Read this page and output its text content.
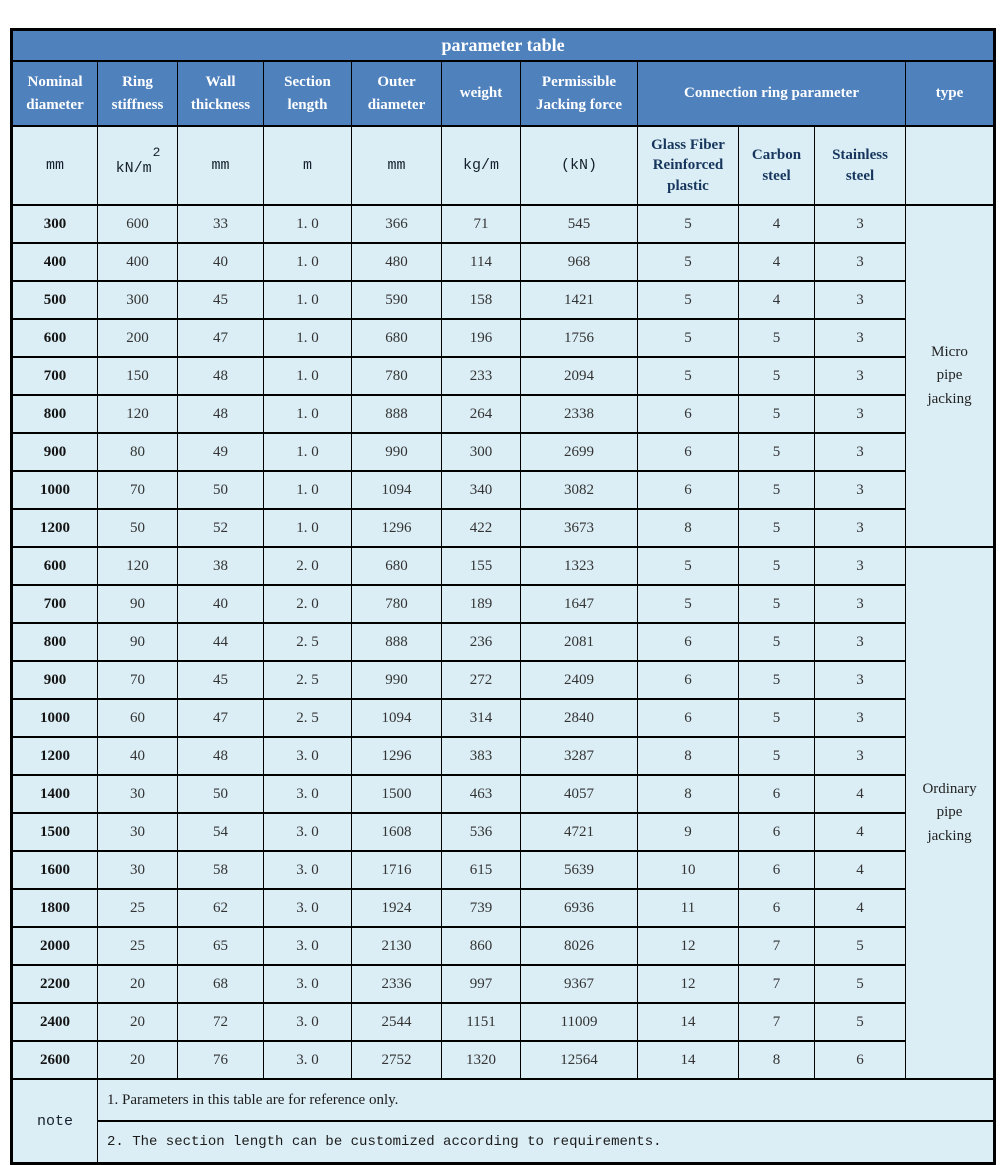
parameter table										
Nominal diameter	Ring stiffness	Wall thickness	Section length	Outer diameter	weight	Permissible Jacking force	Connection ring parameter			type
mm	$kN/m^2$	mm	m	mm	kg/m	(kN)	Glass Fiber Reinforced plastic	Carbon steel	Stainless steel	
300	600	33	1. 0	366	71	545	5	4	3	Micro
pipe
jacking
400	400	40	1. 0	480	114	968	5	4	3	
500	300	45	1. 0	590	158	1421	5	4	3	
600	200	47	1. 0	680	196	1756	5	5	3	
700	150	48	1. 0	780	233	2094	5	5	3	
800	120	48	1. 0	888	264	2338	6	5	3	
900	80	49	1. 0	990	300	2699	6	5	3	
1000	70	50	1. 0	1094	340	3082	6	5	3	
1200	50	52	1. 0	1296	422	3673	8	5	3	
600	120	38	2. 0	680	155	1323	5	5	3	Ordinary
pipe
jacking
700	90	40	2. 0	780	189	1647	5	5	3	
800	90	44	2. 5	888	236	2081	6	5	3	
900	70	45	2. 5	990	272	2409	6	5	3	
1000	60	47	2. 5	1094	314	2840	6	5	3	
1200	40	48	3. 0	1296	383	3287	8	5	3	
1400	30	50	3. 0	1500	463	4057	8	6	4	
1500	30	54	3. 0	1608	536	4721	9	6	4	
1600	30	58	3. 0	1716	615	5639	10	6	4	
1800	25	62	3. 0	1924	739	6936	11	6	4	
2000	25	65	3. 0	2130	860	8026	12	7	5	
2200	20	68	3. 0	2336	997	9367	12	7	5	
2400	20	72	3. 0	2544	1151	11009	14	7	5	
2600	20	76	3. 0	2752	1320	12564	14	8	6	
note	1. Parameters in this table are for reference only.									
	2. The section length can be customized according to requirements.									
